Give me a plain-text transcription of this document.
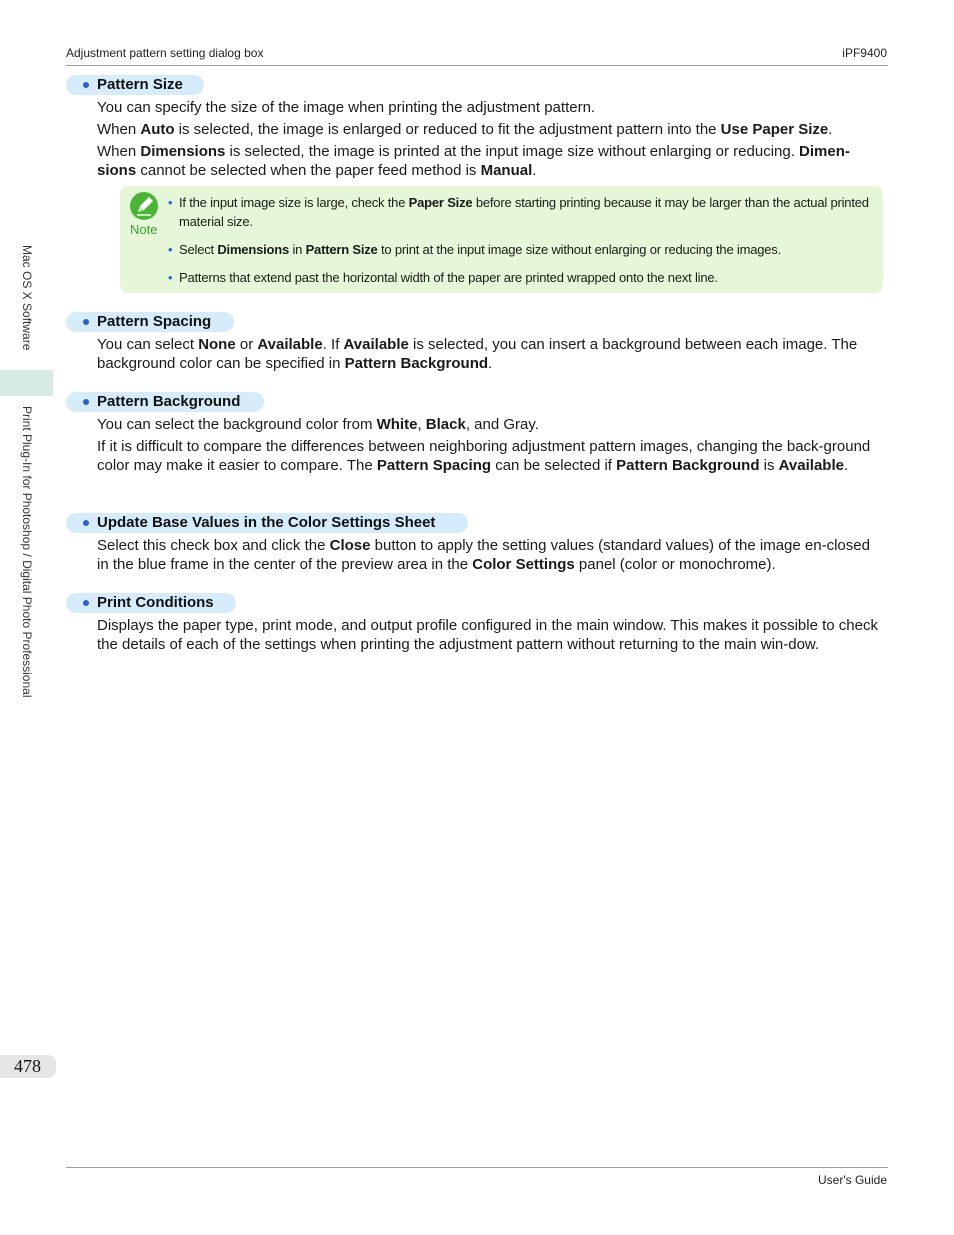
Adjustment pattern setting dialog box	iPF9400
User's Guide
Mac OS X Software
Print Plug-In for Photoshop / Digital Photo Professional
478
Pattern Size
You can specify the size of the image when printing the adjustment pattern.
When Auto is selected, the image is enlarged or reduced to fit the adjustment pattern into the Use Paper Size.
When Dimensions is selected, the image is printed at the input image size without enlarging or reducing. Dimen-sions cannot be selected when the paper feed method is Manual.
Note
• If the input image size is large, check the Paper Size before starting printing because it may be larger than the actual printed material size.
• Select Dimensions in Pattern Size to print at the input image size without enlarging or reducing the images.
• Patterns that extend past the horizontal width of the paper are printed wrapped onto the next line.
Pattern Spacing
You can select None or Available. If Available is selected, you can insert a background between each image. The background color can be specified in Pattern Background.
Pattern Background
You can select the background color from White, Black, and Gray.
If it is difficult to compare the differences between neighboring adjustment pattern images, changing the back-ground color may make it easier to compare. The Pattern Spacing can be selected if Pattern Background is Available.
Update Base Values in the Color Settings Sheet
Select this check box and click the Close button to apply the setting values (standard values) of the image en-closed in the blue frame in the center of the preview area in the Color Settings panel (color or monochrome).
Print Conditions
Displays the paper type, print mode, and output profile configured in the main window. This makes it possible to check the details of each of the settings when printing the adjustment pattern without returning to the main win-dow.
